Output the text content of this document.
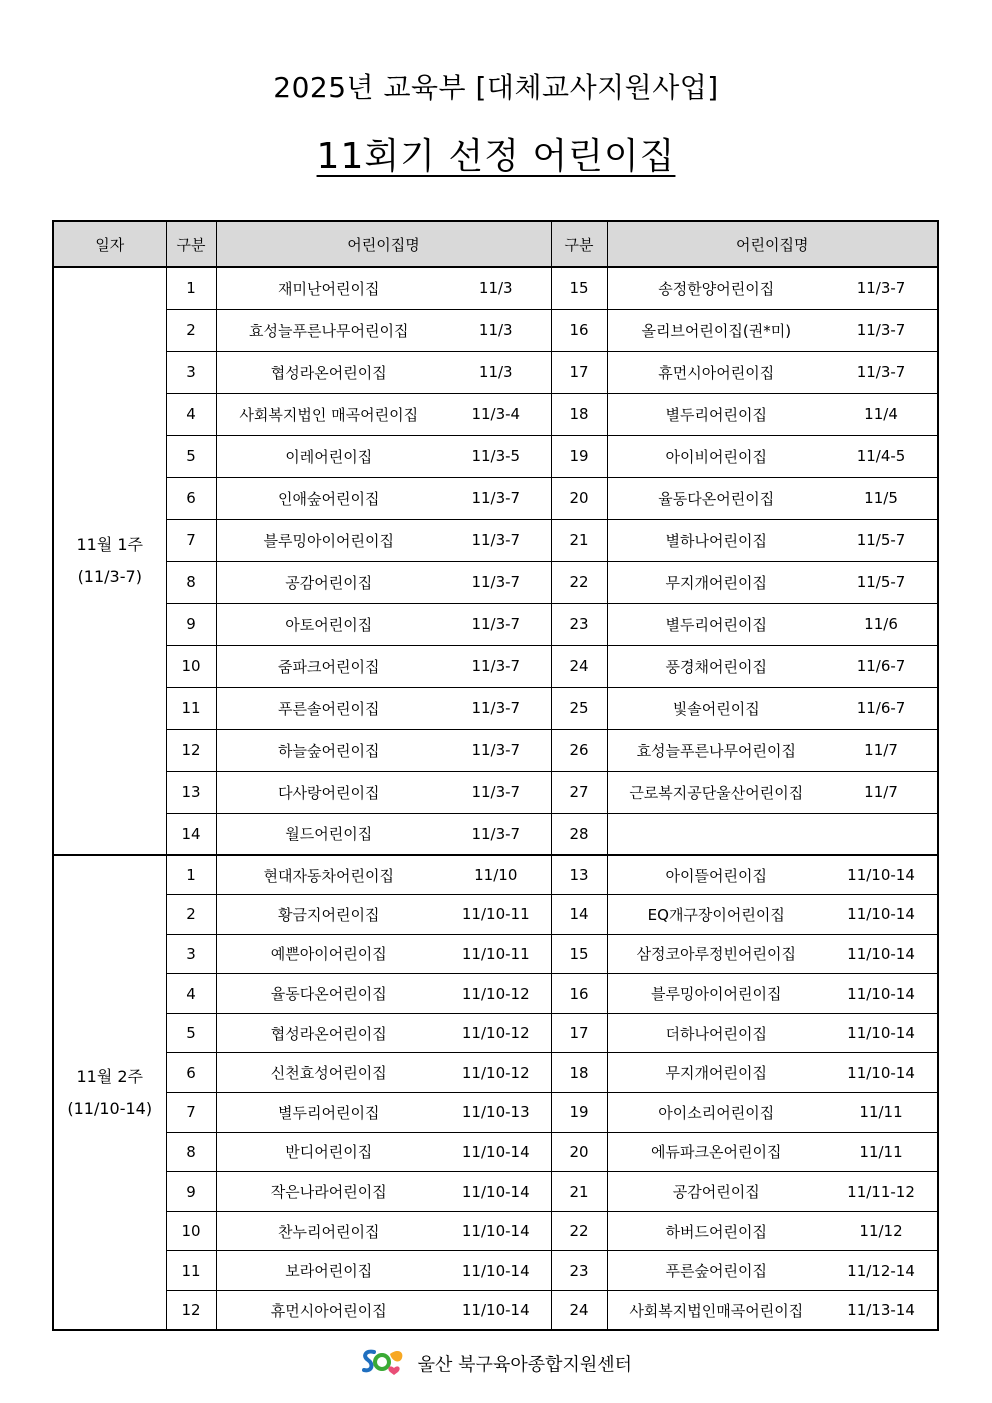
2025년 교육부 [대체교사지원사업]
11회기 선정 어린이집
일자	구분	어린이집명		구분	어린이집명	

11월 1주
(11/3-7)	1	재미난어린이집	11/3	15	송정한양어린이집	11/3-7
	2	효성늘푸른나무어린이집	11/3	16	올리브어린이집(권*미)	11/3-7
	3	협성라온어린이집	11/3	17	휴먼시아어린이집	11/3-7
	4	사회복지법인 매곡어린이집	11/3-4	18	별두리어린이집	11/4
	5	이레어린이집	11/3-5	19	아이비어린이집	11/4-5
	6	인애숲어린이집	11/3-7	20	율동다온어린이집	11/5
	7	블루밍아이어린이집	11/3-7	21	별하나어린이집	11/5-7
	8	공감어린이집	11/3-7	22	무지개어린이집	11/5-7
	9	아토어린이집	11/3-7	23	별두리어린이집	11/6
	10	줌파크어린이집	11/3-7	24	풍경채어린이집	11/6-7
	11	푸른솔어린이집	11/3-7	25	빛솔어린이집	11/6-7
	12	하늘숲어린이집	11/3-7	26	효성늘푸른나무어린이집	11/7
	13	다사랑어린이집	11/3-7	27	근로복지공단울산어린이집	11/7
	14	월드어린이집	11/3-7	28		

11월 2주
(11/10-14)	1	현대자동차어린이집	11/10	13	아이뜰어린이집	11/10-14
	2	황금지어린이집	11/10-11	14	EQ개구장이어린이집	11/10-14
	3	예쁜아이어린이집	11/10-11	15	삼정코아루정빈어린이집	11/10-14
	4	율동다온어린이집	11/10-12	16	블루밍아이어린이집	11/10-14
	5	협성라온어린이집	11/10-12	17	더하나어린이집	11/10-14
	6	신천효성어린이집	11/10-12	18	무지개어린이집	11/10-14
	7	별두리어린이집	11/10-13	19	아이소리어린이집	11/11
	8	반디어린이집	11/10-14	20	에듀파크온어린이집	11/11
	9	작은나라어린이집	11/10-14	21	공감어린이집	11/11-12
	10	찬누리어린이집	11/10-14	22	하버드어린이집	11/12
	11	보라어린이집	11/10-14	23	푸른숲어린이집	11/12-14
	12	휴먼시아어린이집	11/10-14	24	사회복지법인매곡어린이집	11/13-14
울산 북구육아종합지원센터
